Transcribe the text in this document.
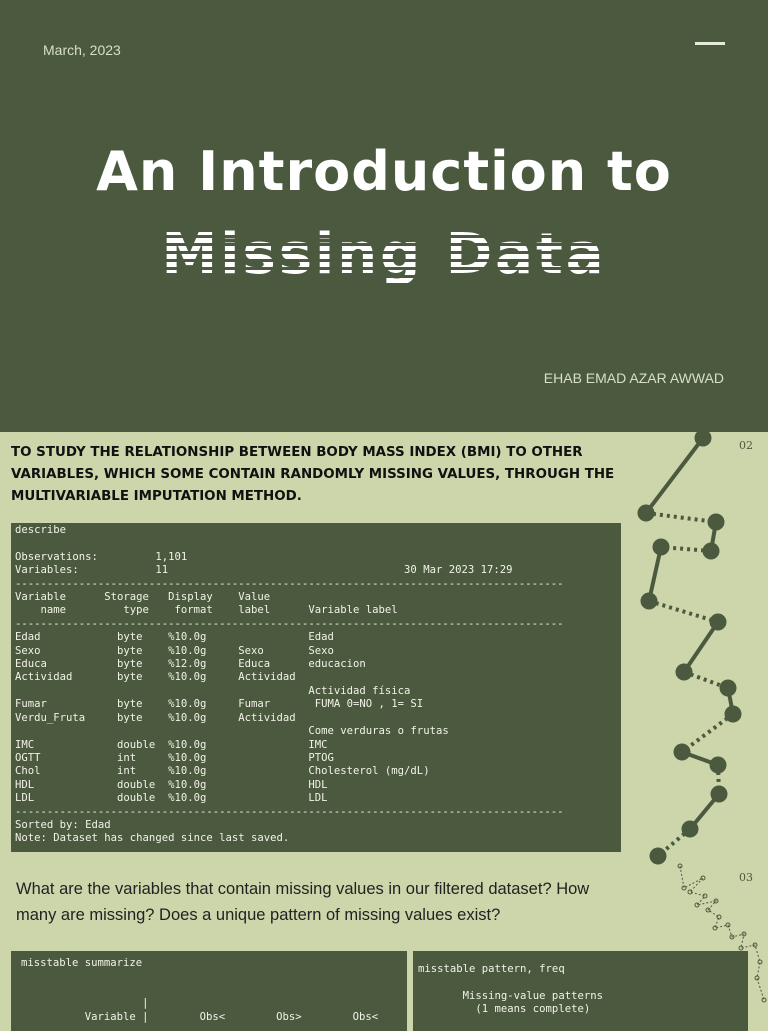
March, 2023
An Introduction to
Missing Data
EHAB EMAD AZAR AWWAD
TO STUDY THE RELATIONSHIP BETWEEN BODY MASS INDEX (BMI) TO OTHER VARIABLES, WHICH SOME CONTAIN RANDOMLY MISSING VALUES, THROUGH THE MULTIVARIABLE IMPUTATION METHOD.
02
describe

Observations:         1,101
Variables:            11                                     30 Mar 2023 17:29
--------------------------------------------------------------------------------------
Variable      Storage   Display    Value
name         type    format    label      Variable label
--------------------------------------------------------------------------------------
Edad            byte    %10.0g                Edad
Sexo            byte    %10.0g     Sexo       Sexo
Educa           byte    %12.0g     Educa      educacion
Actividad       byte    %10.0g     Actividad
Actividad física
Fumar           byte    %10.0g     Fumar       FUMA 0=NO , 1= SI
Verdu_Fruta     byte    %10.0g     Actividad
Come verduras o frutas
IMC             double  %10.0g                IMC
OGTT            int     %10.0g                PTOG
Chol            int     %10.0g                Cholesterol (mg/dL)
HDL             double  %10.0g                HDL
LDL             double  %10.0g                LDL
--------------------------------------------------------------------------------------
Sorted by: Edad
Note: Dataset has changed since last saved.
What are the variables that contain missing values in our filtered dataset? How many are missing? Does a unique pattern of missing values exist?
03
misstable summarize

|
Variable |        Obs<        Obs>        Obs<
misstable pattern, freq

Missing-value patterns
(1 means complete)
